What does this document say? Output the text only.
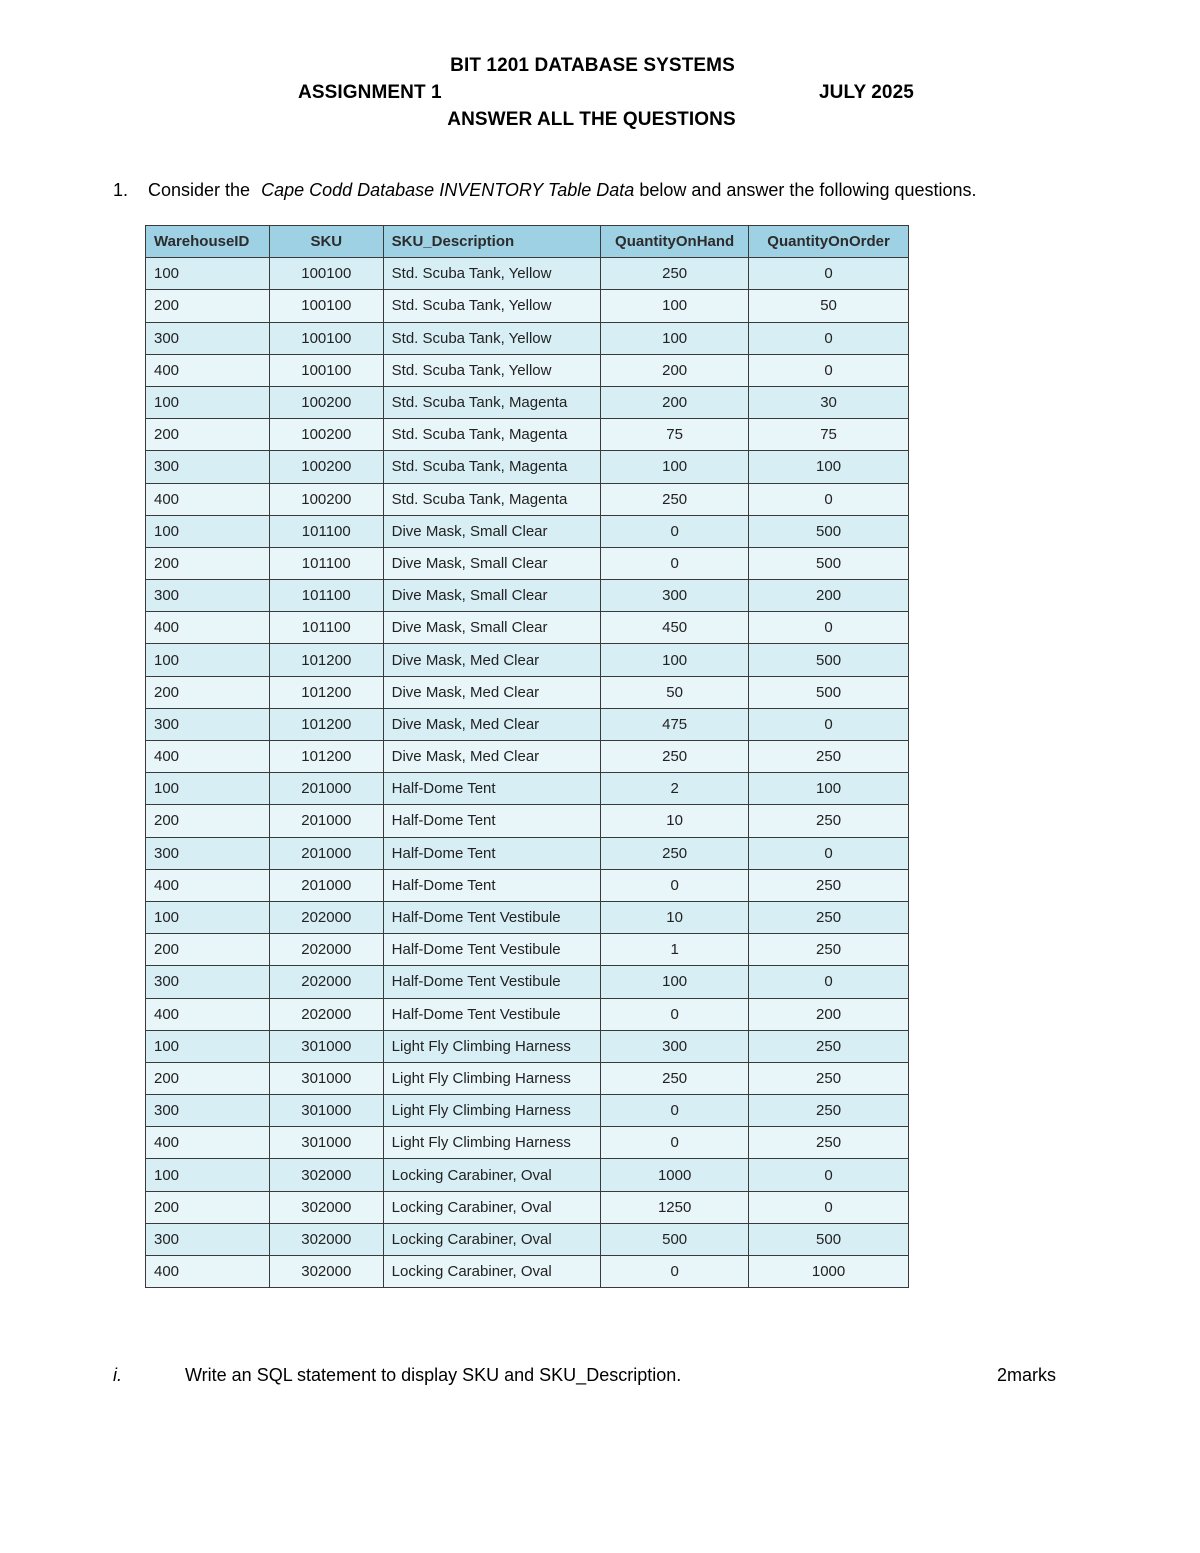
BIT 1201 DATABASE SYSTEMS
ASSIGNMENT 1	JULY 2025
ANSWER ALL THE QUESTIONS
1. Consider the Cape Codd Database INVENTORY Table Data below and answer the following questions.
WarehouseID	SKU	SKU_Description	QuantityOnHand	QuantityOnOrder
100	100100	Std. Scuba Tank, Yellow	250	0
200	100100	Std. Scuba Tank, Yellow	100	50
300	100100	Std. Scuba Tank, Yellow	100	0
400	100100	Std. Scuba Tank, Yellow	200	0
100	100200	Std. Scuba Tank, Magenta	200	30
200	100200	Std. Scuba Tank, Magenta	75	75
300	100200	Std. Scuba Tank, Magenta	100	100
400	100200	Std. Scuba Tank, Magenta	250	0
100	101100	Dive Mask, Small Clear	0	500
200	101100	Dive Mask, Small Clear	0	500
300	101100	Dive Mask, Small Clear	300	200
400	101100	Dive Mask, Small Clear	450	0
100	101200	Dive Mask, Med Clear	100	500
200	101200	Dive Mask, Med Clear	50	500
300	101200	Dive Mask, Med Clear	475	0
400	101200	Dive Mask, Med Clear	250	250
100	201000	Half-Dome Tent	2	100
200	201000	Half-Dome Tent	10	250
300	201000	Half-Dome Tent	250	0
400	201000	Half-Dome Tent	0	250
100	202000	Half-Dome Tent Vestibule	10	250
200	202000	Half-Dome Tent Vestibule	1	250
300	202000	Half-Dome Tent Vestibule	100	0
400	202000	Half-Dome Tent Vestibule	0	200
100	301000	Light Fly Climbing Harness	300	250
200	301000	Light Fly Climbing Harness	250	250
300	301000	Light Fly Climbing Harness	0	250
400	301000	Light Fly Climbing Harness	0	250
100	302000	Locking Carabiner, Oval	1000	0
200	302000	Locking Carabiner, Oval	1250	0
300	302000	Locking Carabiner, Oval	500	500
400	302000	Locking Carabiner, Oval	0	1000
i.	Write an SQL statement to display SKU and SKU_Description.	2marks
